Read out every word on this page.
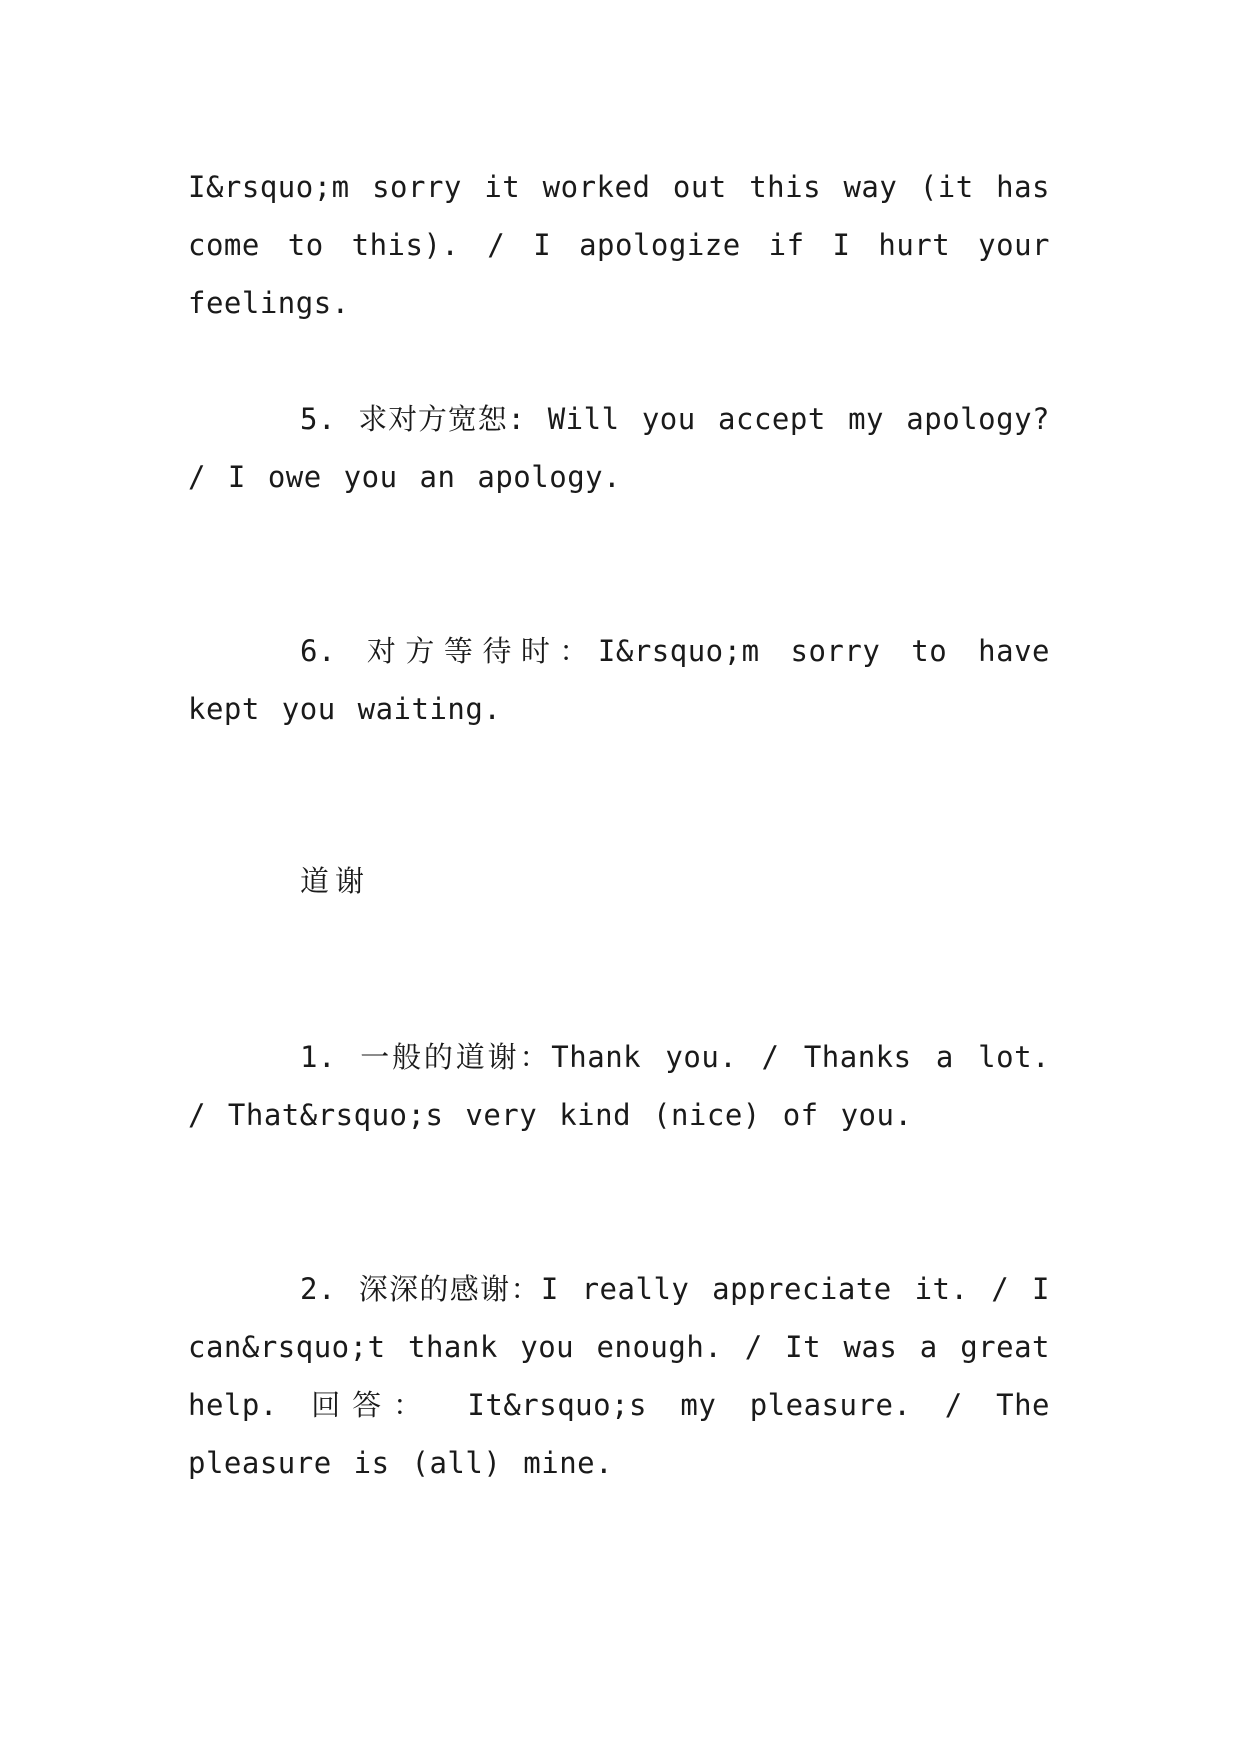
I&rsquo;m sorry it worked out this way (it has come to this). / I apologize if I hurt your feelings.

5. 求对方宽恕: Will you accept my apology? / I owe you an apology.

6. 对方等待时：I&rsquo;m sorry to have kept you waiting.

道谢

1. 一般的道谢：Thank you. / Thanks a lot. / That&rsquo;s very kind (nice) of you.

2. 深深的感谢：I really appreciate it. / I can&rsquo;t thank you enough. / It was a great help. 回答： It&rsquo;s my pleasure. / The pleasure is (all) mine.
